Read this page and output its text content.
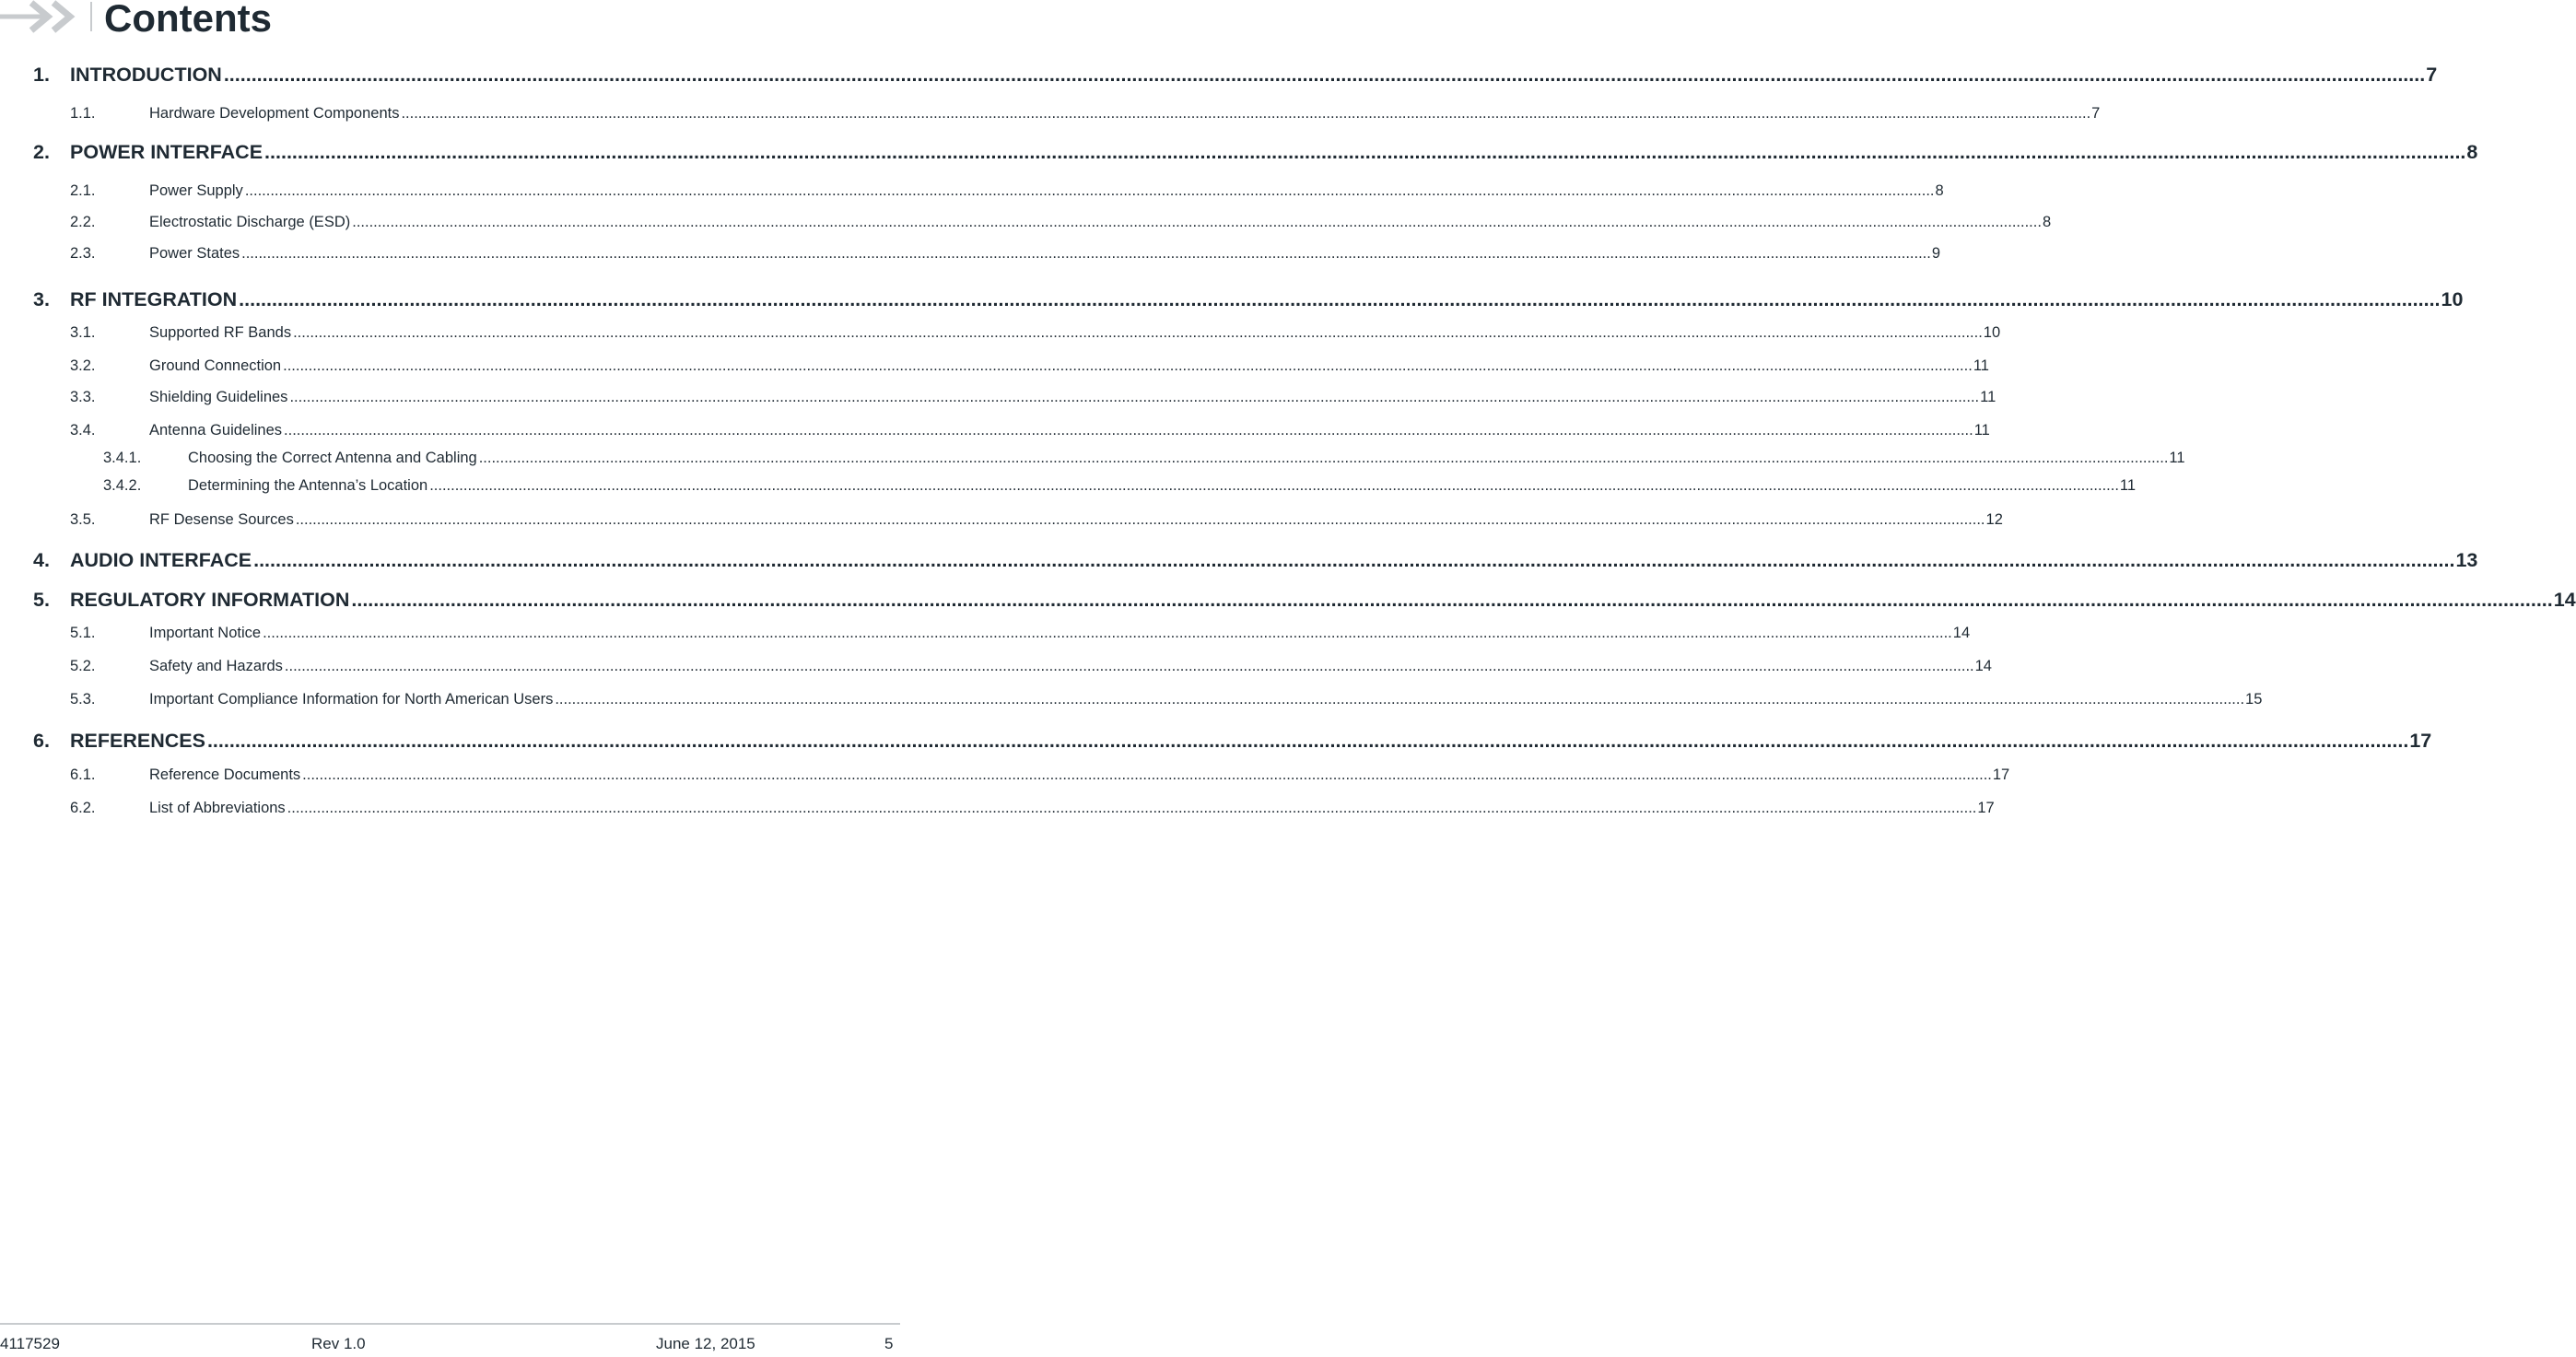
Contents
1. INTRODUCTION ................................................................................................................................................................................................................................................................................................................................................................................................................ 7
1.1.	Hardware Development Components ................................................................................................................................................................................................................................................................................................................................................................................................................ 7
2. POWER INTERFACE ................................................................................................................................................................................................................................................................................................................................................................................................................ 8
2.1.	Power Supply ................................................................................................................................................................................................................................................................................................................................................................................................................ 8
2.2.	Electrostatic Discharge (ESD) ................................................................................................................................................................................................................................................................................................................................................................................................................ 8
2.3.	Power States ................................................................................................................................................................................................................................................................................................................................................................................................................ 9
3. RF INTEGRATION ................................................................................................................................................................................................................................................................................................................................................................................................................ 10
3.1.	Supported RF Bands ................................................................................................................................................................................................................................................................................................................................................................................................................ 10
3.2.	Ground Connection ................................................................................................................................................................................................................................................................................................................................................................................................................ 11
3.3.	Shielding Guidelines ................................................................................................................................................................................................................................................................................................................................................................................................................ 11
3.4.	Antenna Guidelines ................................................................................................................................................................................................................................................................................................................................................................................................................ 11
3.4.1.	Choosing the Correct Antenna and Cabling ................................................................................................................................................................................................................................................................................................................................................................................................................ 11
3.4.2.	Determining the Antenna’s Location ................................................................................................................................................................................................................................................................................................................................................................................................................ 11
3.5.	RF Desense Sources ................................................................................................................................................................................................................................................................................................................................................................................................................ 12
4. AUDIO INTERFACE ................................................................................................................................................................................................................................................................................................................................................................................................................ 13
5. REGULATORY INFORMATION ................................................................................................................................................................................................................................................................................................................................................................................................................ 14
5.1.	Important Notice ................................................................................................................................................................................................................................................................................................................................................................................................................ 14
5.2.	Safety and Hazards ................................................................................................................................................................................................................................................................................................................................................................................................................ 14
5.3.	Important Compliance Information for North American Users ................................................................................................................................................................................................................................................................................................................................................................................................................ 15
6. REFERENCES ................................................................................................................................................................................................................................................................................................................................................................................................................ 17
6.1.	Reference Documents ................................................................................................................................................................................................................................................................................................................................................................................................................ 17
6.2.	List of Abbreviations ................................................................................................................................................................................................................................................................................................................................................................................................................ 17
4117529	Rev 1.0	June 12, 2015	5
